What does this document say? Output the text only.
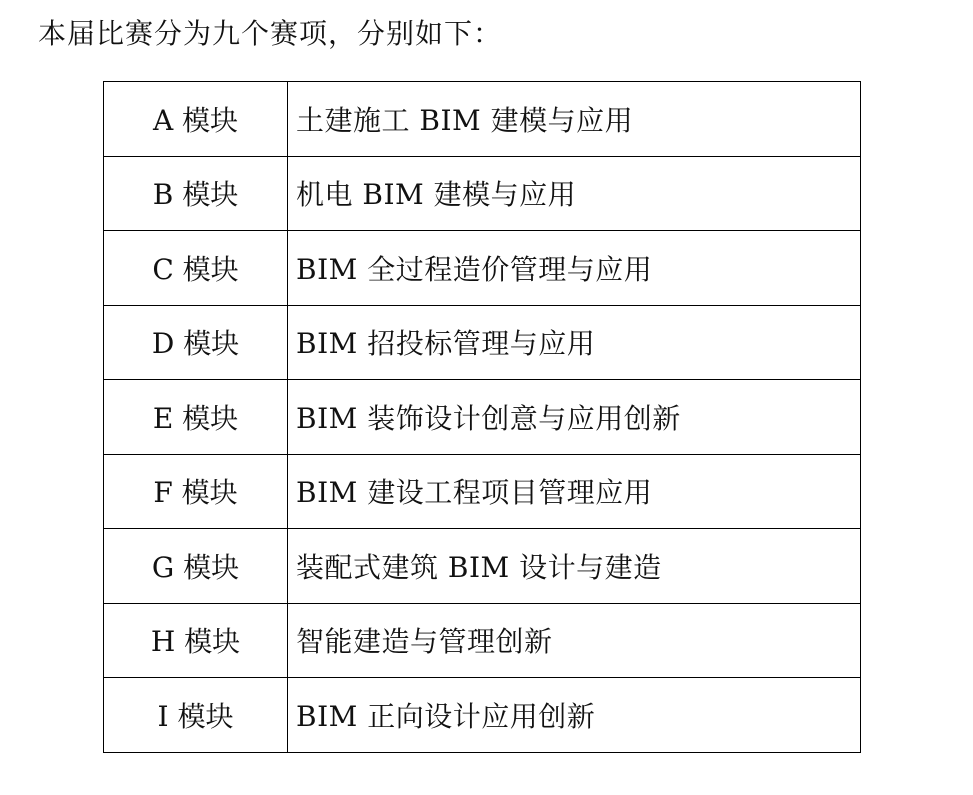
本届比赛分为九个赛项，分别如下：
A 模块	土建施工 BIM 建模与应用
B 模块	机电 BIM 建模与应用
C 模块	BIM 全过程造价管理与应用
D 模块	BIM 招投标管理与应用
E 模块	BIM 装饰设计创意与应用创新
F 模块	BIM 建设工程项目管理应用
G 模块	装配式建筑 BIM 设计与建造
H 模块	智能建造与管理创新
I 模块	BIM 正向设计应用创新
